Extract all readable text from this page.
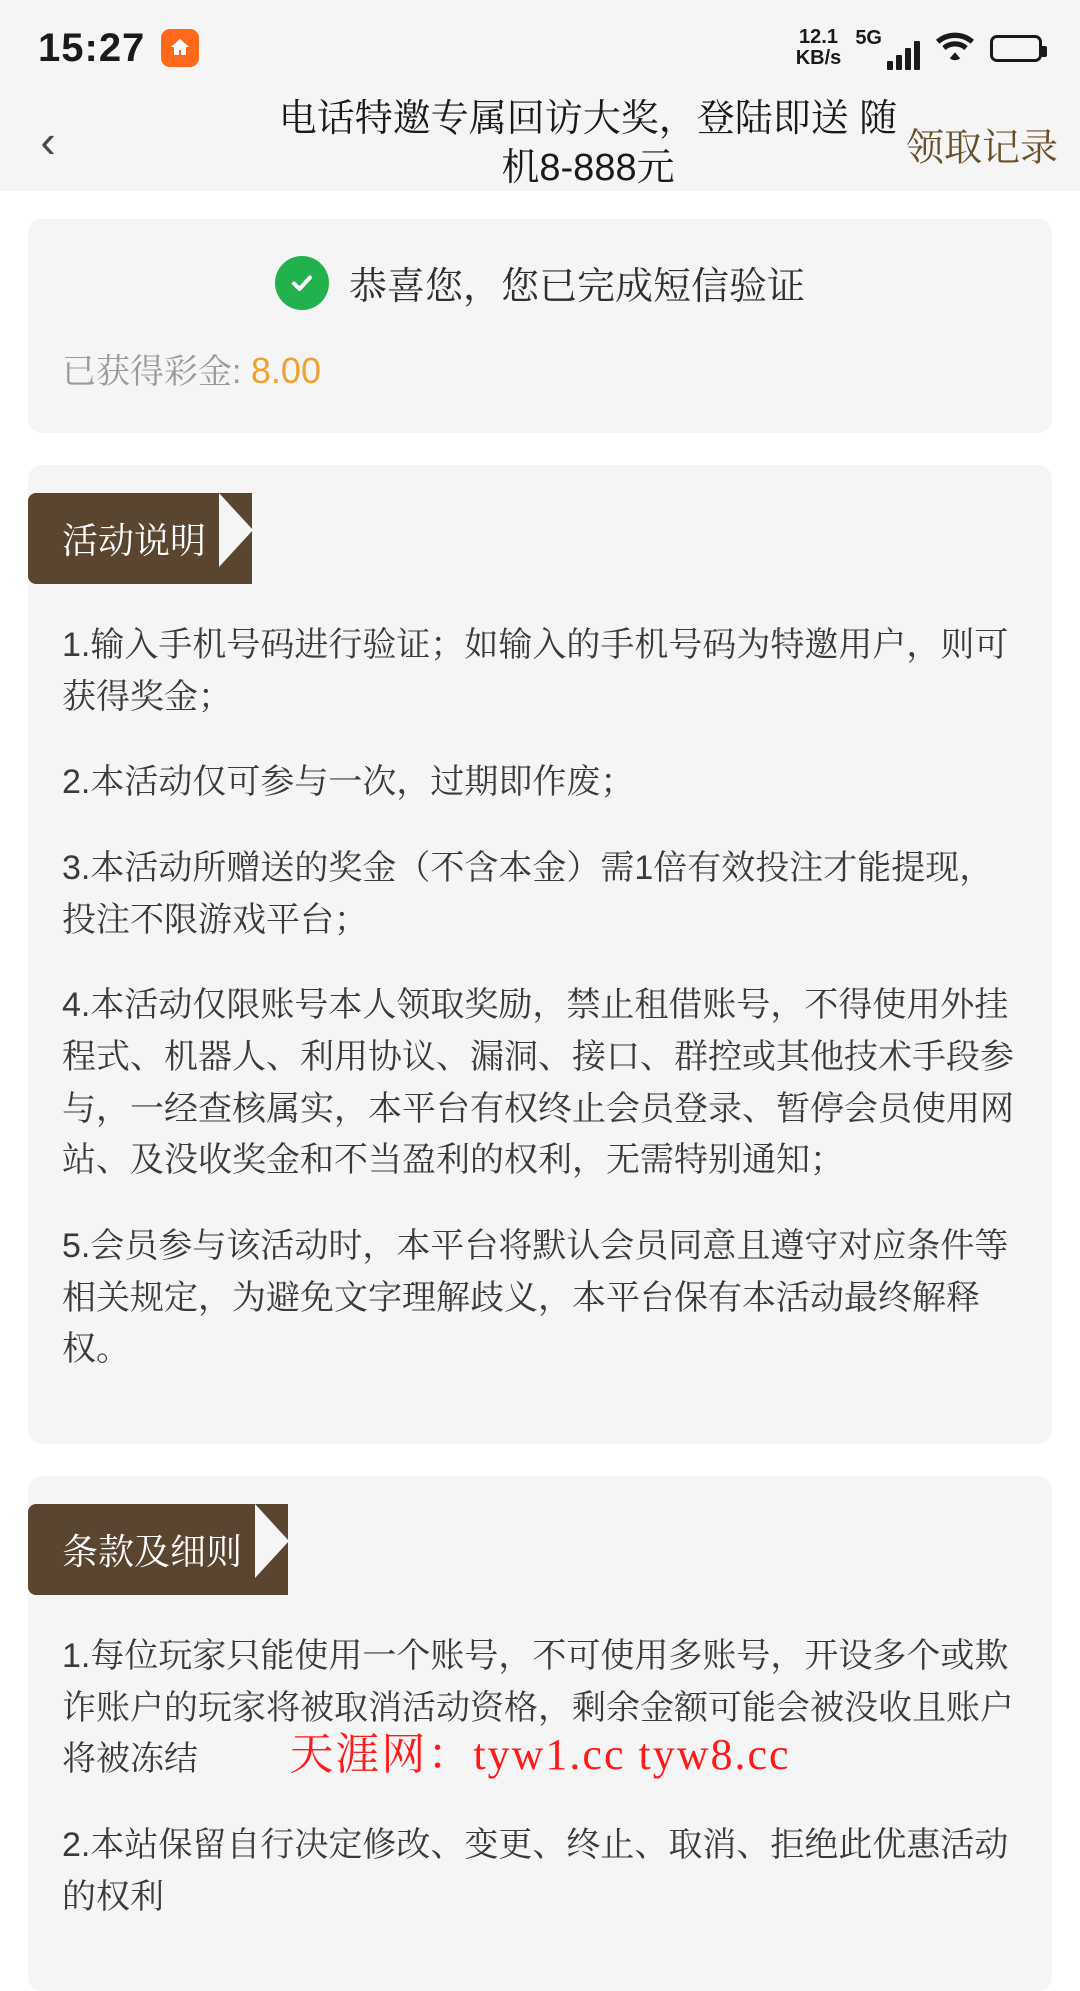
15:27	12.1
KB/s
5G
‹	电话特邀专属回访大奖，登陆即送 随机8-888元	领取记录
恭喜您，您已完成短信验证
已获得彩金: 8.00
活动说明

1.输入手机号码进行验证；如输入的手机号码为特邀用户，则可获得奖金；

2.本活动仅可参与一次，过期即作废；

3.本活动所赠送的奖金（不含本金）需1倍有效投注才能提现，投注不限游戏平台；

4.本活动仅限账号本人领取奖励，禁止租借账号，不得使用外挂程式、机器人、利用协议、漏洞、接口、群控或其他技术手段参与，一经查核属实，本平台有权终止会员登录、暂停会员使用网站、及没收奖金和不当盈利的权利，无需特别通知；

5.会员参与该活动时，本平台将默认会员同意且遵守对应条件等相关规定，为避免文字理解歧义，本平台保有本活动最终解释权。

条款及细则

1.每位玩家只能使用一个账号，不可使用多账号，开设多个或欺诈账户的玩家将被取消活动资格，剩余金额可能会被没收且账户将被冻结

2.本站保留自行决定修改、变更、终止、取消、拒绝此优惠活动的权利

天涯网：tyw1.cc tyw8.cc
